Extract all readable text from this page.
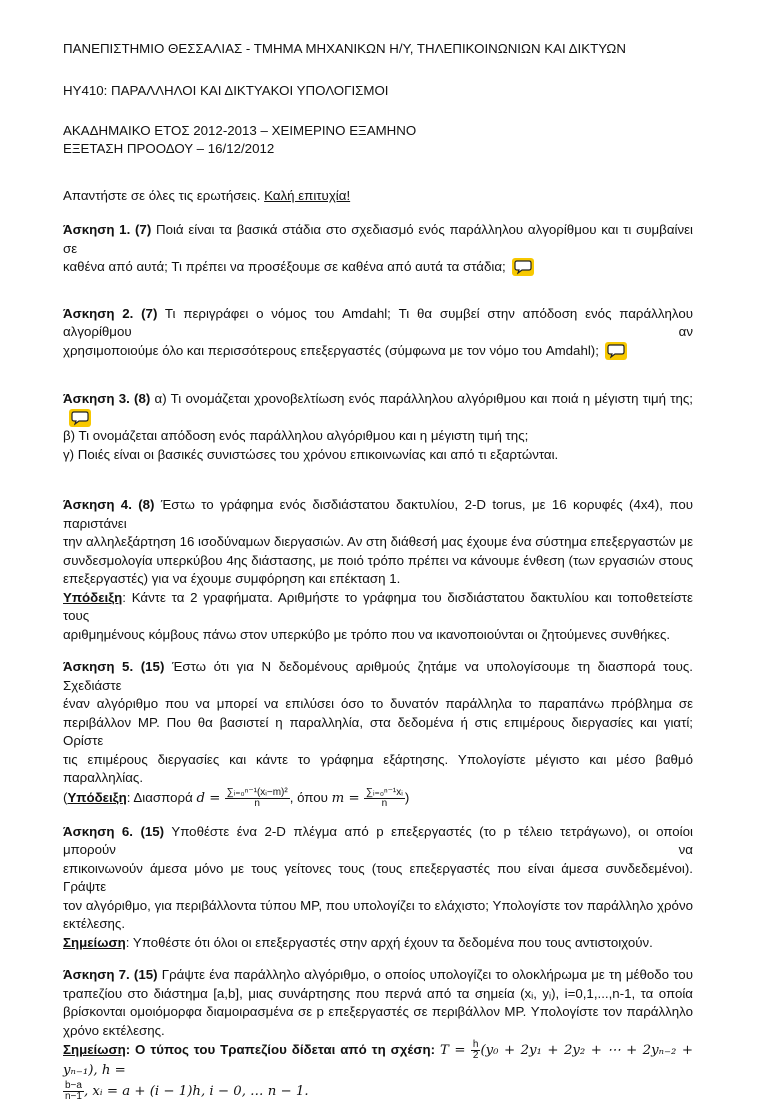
ΠΑΝΕΠΙΣΤΗΜΙΟ ΘΕΣΣΑΛΙΑΣ - ΤΜΗΜΑ ΜΗΧΑΝΙΚΩΝ Η/Υ, ΤΗΛΕΠΙΚΟΙΝΩΝΙΩΝ ΚΑΙ ΔΙΚΤΥΩΝ
ΗΥ410: ΠΑΡΑΛΛΗΛΟΙ ΚΑΙ ΔΙΚΤΥΑΚΟΙ ΥΠΟΛΟΓΙΣΜΟΙ
ΑΚΑΔΗΜΑΙΚΟ ΕΤΟΣ 2012-2013 – ΧΕΙΜΕΡΙΝΟ ΕΞΑΜΗΝΟ
ΕΞΕΤΑΣΗ ΠΡΟΟΔΟΥ – 16/12/2012
Απαντήστε σε όλες τις ερωτήσεις. Καλή επιτυχία!
Άσκηση 1. (7) Ποιά είναι τα βασικά στάδια στο σχεδιασμό ενός παράλληλου αλγορίθμου και τι συμβαίνει σε
καθένα από αυτά; Τι πρέπει να προσέξουμε σε καθένα από αυτά τα στάδια;
Άσκηση 2. (7) Τι περιγράφει ο νόμος του Amdahl; Τι θα συμβεί στην απόδοση ενός παράλληλου αλγορίθμου αν
χρησιμοποιούμε όλο και περισσότερους επεξεργαστές (σύμφωνα με τον νόμο του Amdahl);
Άσκηση 3. (8) α) Τι ονομάζεται χρονοβελτίωση ενός παράλληλου αλγόριθμου και ποιά η μέγιστη τιμή της;
β) Τι ονομάζεται απόδοση ενός παράλληλου αλγόριθμου και η μέγιστη τιμή της;
γ) Ποιές είναι οι βασικές συνιστώσες του χρόνου επικοινωνίας και από τι εξαρτώνται.
Άσκηση 4. (8) Έστω το γράφημα ενός δισδιάστατου δακτυλίου, 2-D torus, με 16 κορυφές (4x4), που παριστάνει
την αλληλεξάρτηση 16 ισοδύναμων διεργασιών. Αν στη διάθεσή μας έχουμε ένα σύστημα επεξεργαστών με
συνδεσμολογία υπερκύβου 4ης διάστασης, με ποιό τρόπο πρέπει να κάνουμε ένθεση (των εργασιών στους
επεξεργαστές) για να έχουμε συμφόρηση και επέκταση 1.
Υπόδειξη: Κάντε τα 2 γραφήματα. Αριθμήστε το γράφημα του δισδιάστατου δακτυλίου και τοποθετείστε τους
αριθμημένους κόμβους πάνω στον υπερκύβο με τρόπο που να ικανοποιούνται οι ζητούμενες συνθήκες.
Άσκηση 5. (15) Έστω ότι για Ν δεδομένους αριθμούς ζητάμε να υπολογίσουμε τη διασπορά τους. Σχεδιάστε
έναν αλγόριθμο που να μπορεί να επιλύσει όσο το δυνατόν παράλληλα το παραπάνω πρόβλημα σε
περιβάλλον MP. Που θα βασιστεί η παραλληλία, στα δεδομένα ή στις επιμέρους διεργασίες και γιατί; Ορίστε
τις επιμέρους διεργασίες και κάντε το γράφημα εξάρτησης. Υπολογίστε μέγιστο και μέσο βαθμό παραλληλίας.
(Υπόδειξη: Διασπορά $d = \frac{\text{∑ᵢ₌₀ⁿ⁻¹(xᵢ−m)²}}{n}$ , όπου $m = \frac{\text{∑ᵢ₌₀ⁿ⁻¹xᵢ}}{n}$ )
Άσκηση 6. (15) Υποθέστε ένα 2-D πλέγμα από p επεξεργαστές (το p τέλειο τετράγωνο), οι οποίοι μπορούν να
επικοινωνούν άμεσα μόνο με τους γείτονες τους (τους επεξεργαστές που είναι άμεσα συνδεδεμένοι). Γράψτε
τον αλγόριθμο, για περιβάλλοντα τύπου MP, που υπολογίζει το ελάχιστο; Υπολογίστε τον παράλληλο χρόνο
εκτέλεσης.
Σημείωση: Υποθέστε ότι όλοι οι επεξεργαστές στην αρχή έχουν τα δεδομένα που τους αντιστοιχούν.
Άσκηση 7. (15) Γράψτε ένα παράλληλο αλγόριθμο, ο οποίος υπολογίζει το ολοκλήρωμα με τη μέθοδο του
τραπεζίου στο διάστημα [a,b], μιας συνάρτησης που περνά από τα σημεία (xᵢ, yᵢ), i=0,1,...,n-1, τα οποία
βρίσκονται ομοιόμορφα διαμοιρασμένα σε p επεξεργαστές σε περιβάλλον MP. Υπολογίστε τον παράλληλο
χρόνο εκτέλεσης.
Σημείωση: Ο τύπος του Τραπεζίου δίδεται από τη σχέση: $T = \frac{h}{2} (y_0 + 2y_1 + 2y_2$ + ⋯ + 2yₙ₋₂ + yₙ₋₁), h =
$\frac{b-a}{n-1}$ , xᵢ = a + (i − 1)h, i − 0, … n − 1.
